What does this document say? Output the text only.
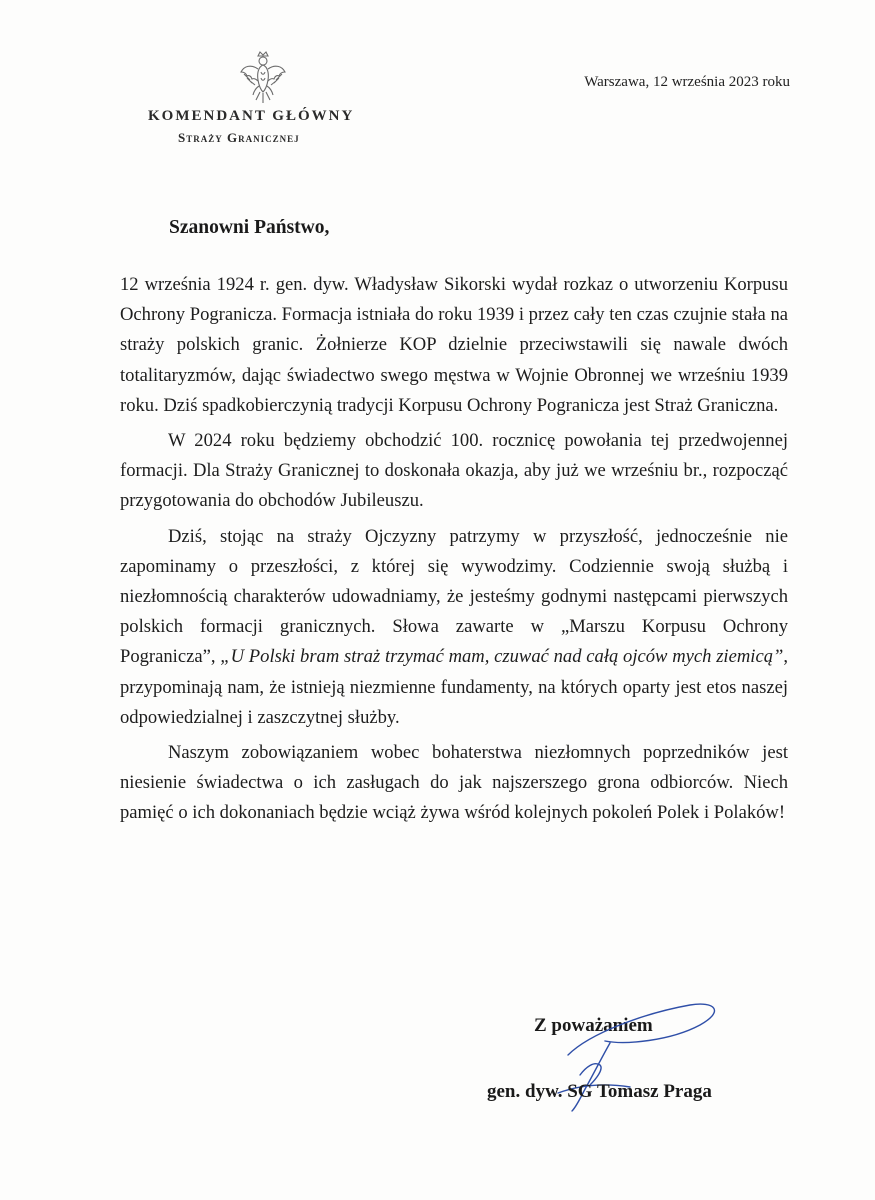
KOMENDANT GŁÓWNY
Straży Granicznej
Warszawa, 12 września 2023 roku
Szanowni Państwo,

12 września 1924 r. gen. dyw. Władysław Sikorski wydał rozkaz o utworzeniu Korpusu Ochrony Pogranicza. Formacja istniała do roku 1939 i przez cały ten czas czujnie stała na straży polskich granic. Żołnierze KOP dzielnie przeciwstawili się nawale dwóch totalitaryzmów, dając świadectwo swego męstwa w Wojnie Obronnej we wrześniu 1939 roku. Dziś spadkobierczynią tradycji Korpusu Ochrony Pogranicza jest Straż Graniczna.

W 2024 roku będziemy obchodzić 100. rocznicę powołania tej przedwojennej formacji. Dla Straży Granicznej to doskonała okazja, aby już we wrześniu br., rozpocząć przygotowania do obchodów Jubileuszu.

Dziś, stojąc na straży Ojczyzny patrzymy w przyszłość, jednocześnie nie zapominamy o przeszłości, z której się wywodzimy. Codziennie swoją służbą i niezłomnością charakterów udowadniamy, że jesteśmy godnymi następcami pierwszych polskich formacji granicznych. Słowa zawarte w „Marszu Korpusu Ochrony Pogranicza”, „U Polski bram straż trzymać mam, czuwać nad całą ojców mych ziemicą”, przypominają nam, że istnieją niezmienne fundamenty, na których oparty jest etos naszej odpowiedzialnej i zaszczytnej służby.

Naszym zobowiązaniem wobec bohaterstwa niezłomnych poprzedników jest niesienie świadectwa o ich zasługach do jak najszerszego grona odbiorców. Niech pamięć o ich dokonaniach będzie wciąż żywa wśród kolejnych pokoleń Polek i Polaków!

Z poważaniem
gen. dyw. SG Tomasz Praga
